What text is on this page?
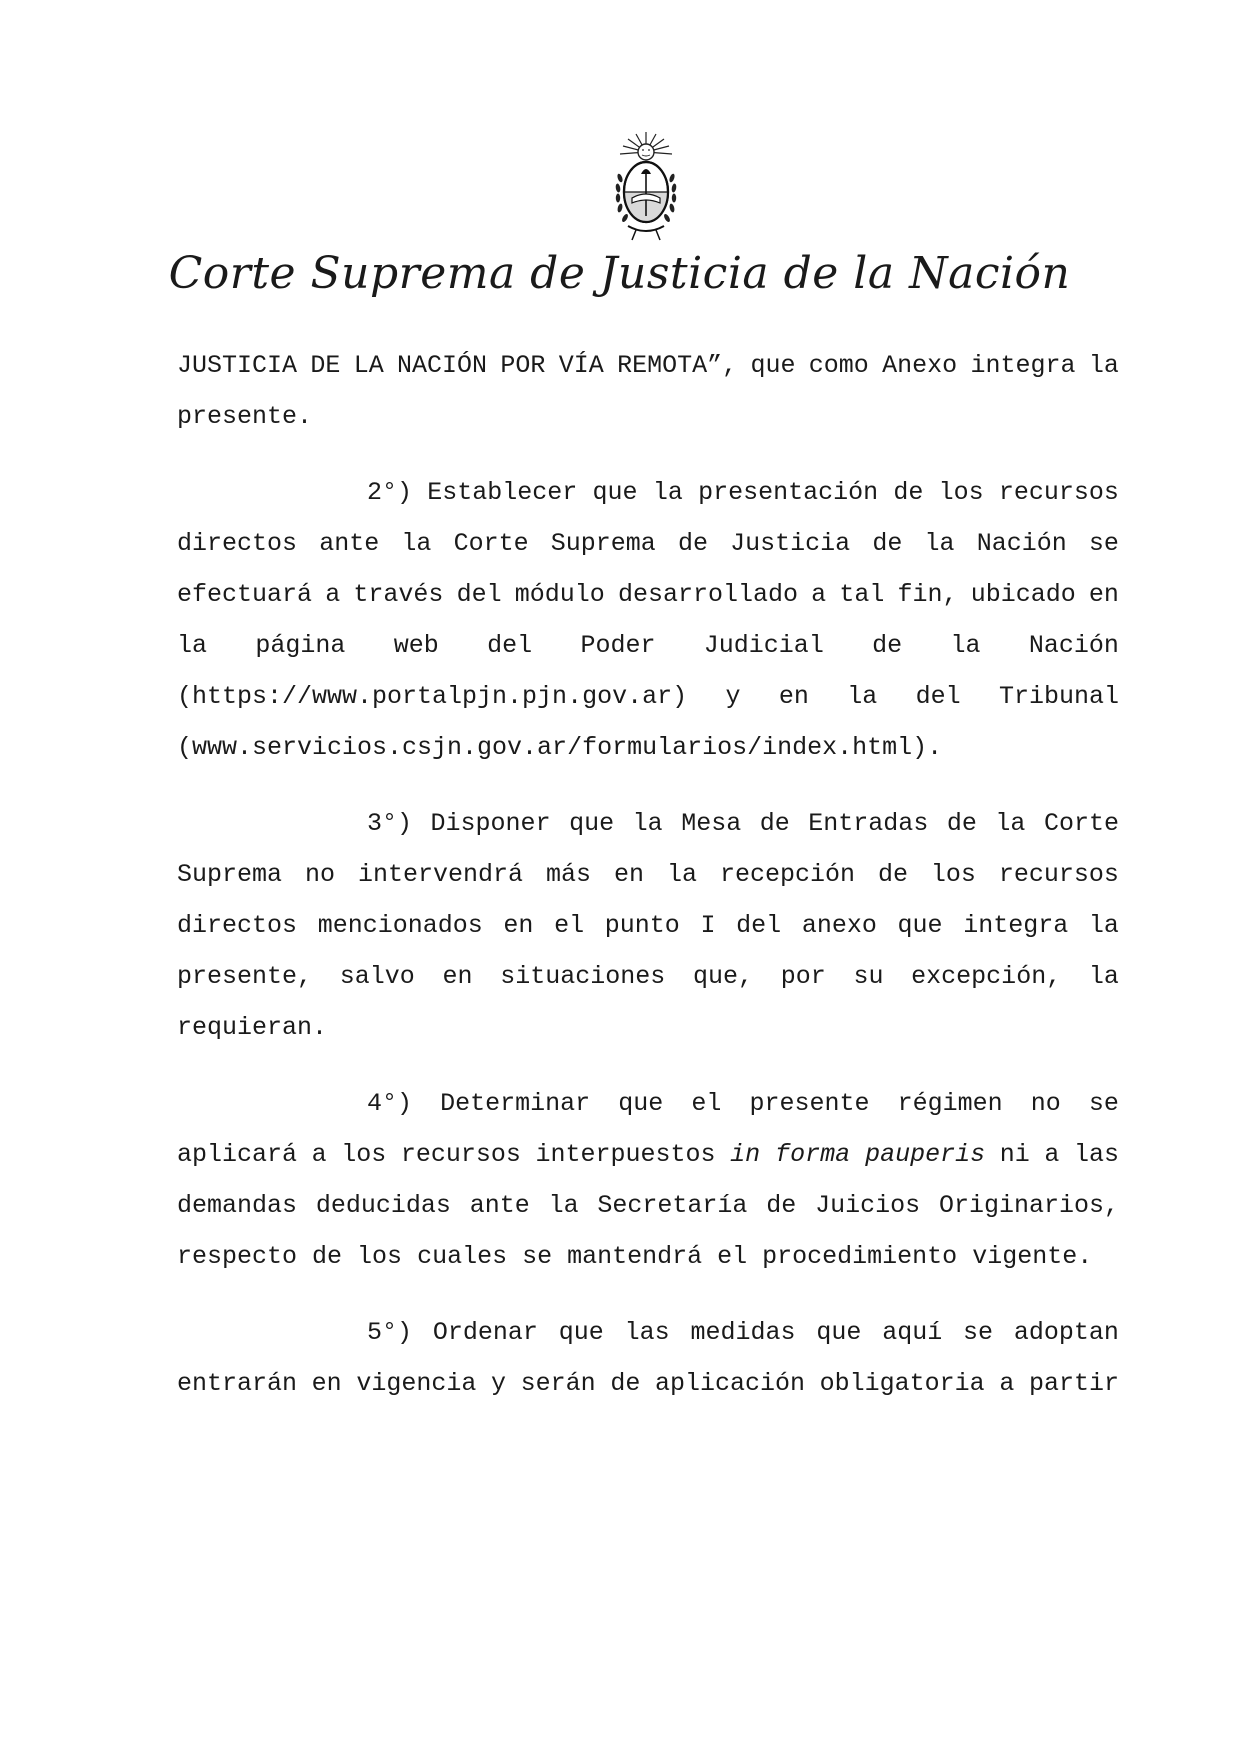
Corte Suprema de Justicia de la Nación
JUSTICIA DE LA NACIÓN POR VÍA REMOTA”, que como Anexo integra la
presente.
2°) Establecer que la presentación de los recursos
directos ante la Corte Suprema de Justicia de la Nación se
efectuará a través del módulo desarrollado a tal fin, ubicado en
la página web del Poder Judicial de la Nación
(https://www.portalpjn.pjn.gov.ar) y en la del Tribunal
(www.servicios.csjn.gov.ar/formularios/index.html).
3°) Disponer que la Mesa de Entradas de la Corte
Suprema no intervendrá más en la recepción de los recursos
directos mencionados en el punto I del anexo que integra la
presente, salvo en situaciones que, por su excepción, la
requieran.
4°) Determinar que el presente régimen no se
aplicará a los recursos interpuestos in forma pauperis ni a las
demandas deducidas ante la Secretaría de Juicios Originarios,
respecto de los cuales se mantendrá el procedimiento vigente.
5°) Ordenar que las medidas que aquí se adoptan
entrarán en vigencia y serán de aplicación obligatoria a partir
